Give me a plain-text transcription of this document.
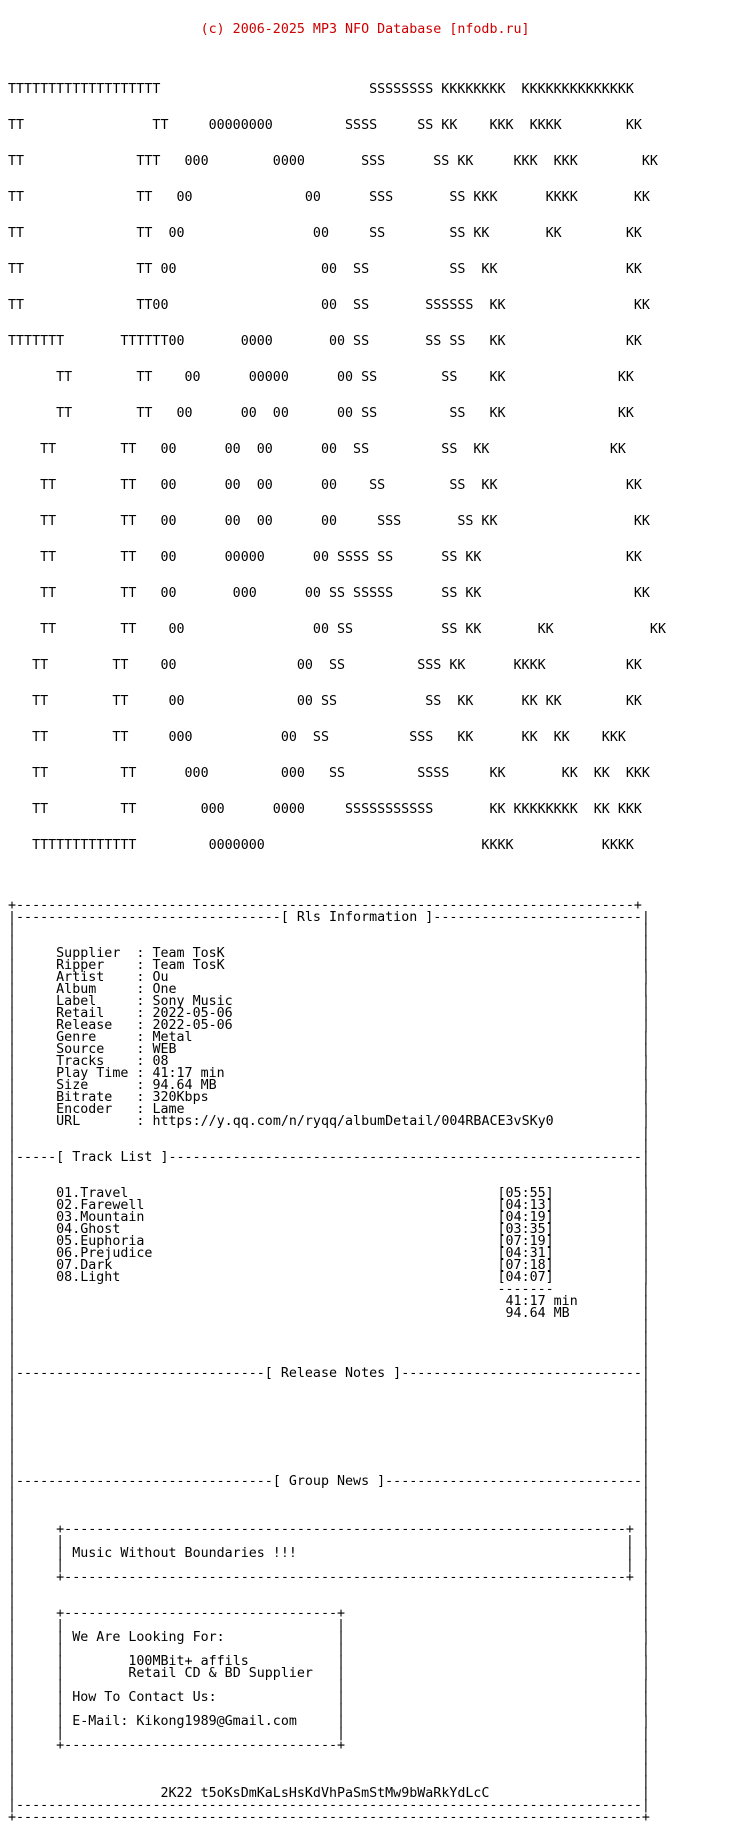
(c) 2006-2025 MP3 NFO Database [nfodb.ru]

TTTTTTTTTTTTTTTTTTT                          SSSSSSSS KKKKKKKK  KKKKKKKKKKKKKK

TT                TT     00000000         SSSS     SS KK    KKK  KKKK        KK

TT              TTT   000        0000       SSS      SS KK     KKK  KKK        KK

TT              TT   00              00      SSS       SS KKK      KKKK       KK

TT              TT  00                00     SS        SS KK       KK        KK

TT              TT 00                  00  SS          SS  KK                KK

TT              TT00                   00  SS       SSSSSS  KK                KK

TTTTTTT       TTTTTT00       0000       00 SS       SS SS   KK               KK

TT        TT    00      00000      00 SS        SS    KK              KK

TT        TT   00      00  00      00 SS         SS   KK              KK

TT        TT   00      00  00      00  SS         SS  KK               KK

TT        TT   00      00  00      00    SS        SS  KK                KK

TT        TT   00      00  00      00     SSS       SS KK                 KK

TT        TT   00      00000      00 SSSS SS      SS KK                  KK

TT        TT   00       000      00 SS SSSSS      SS KK                   KK

TT        TT    00                00 SS           SS KK       KK            KK

TT        TT    00               00  SS         SSS KK      KKKK          KK

TT        TT     00              00 SS           SS  KK      KK KK        KK

TT        TT     000           00  SS          SSS   KK      KK  KK    KKK

TT         TT      000         000   SS         SSSS     KK       KK  KK  KKK

TT         TT        000      0000     SSSSSSSSSSS       KK KKKKKKKK  KK KKK

TTTTTTTTTTTTT         0000000                           KKKK           KKKK

+-----------------------------------------------------------------------------+
|---------------------------------[ Rls Information ]--------------------------|
|                                                                              |
|                                                                              |
|	Supplier  : Team TosK                                                    |
|	Ripper    : Team TosK                                                    |
|	Artist    : Ou                                                           |
|	Album     : One                                                          |
|	Label     : Sony Music                                                   |
|	Retail    : 2022-05-06                                                   |
|	Release   : 2022-05-06                                                   |
|	Genre     : Metal                                                        |
|	Source    : WEB                                                          |
|	Tracks    : 08                                                           |
|	Play Time : 41:17 min                                                    |
|	Size      : 94.64 MB                                                     |
|	Bitrate   : 320Kbps                                                      |
|	Encoder   : Lame                                                         |
|	URL       : https://y.qq.com/n/ryqq/albumDetail/004RBACE3vSKy0           |
|                                                                              |
|                                                                              |
|-----[ Track List ]-----------------------------------------------------------|
|                                                                              |
|                                                                              |
|	01.Travel	[05:55]           |
|	02.Farewell	[04:13]           |
|	03.Mountain	[04:19]           |
|	04.Ghost	[03:35]           |
|	05.Euphoria	[07:19]           |
|	06.Prejudice	[04:31]           |
|	07.Dark	[07:18]           |
|	08.Light	[04:07]           |
|	-------           |
|	41:17 min        |
|	94.64 MB         |
|                                                                              |
|                                                                              |
|                                                                              |
|                                                                              |
|-------------------------------[ Release Notes ]------------------------------|
|                                                                              |
|                                                                              |
|                                                                              |
|                                                                              |
|                                                                              |
|                                                                              |
|                                                                              |
|                                                                              |
|--------------------------------[ Group News ]--------------------------------|
|                                                                              |
|                                                                              |
|                                                                              |
|     +----------------------------------------------------------------------+ |
|     |                                                                      | |
|     | Music Without Boundaries !!!                                         | |
|     |                                                                      | |
|     +----------------------------------------------------------------------+ |
|                                                                              |
|                                                                              |
|     +----------------------------------+                                     |
|     |                                  |                                     |
|     | We Are Looking For:              |                                     |
|     |                                  |                                     |
|     |	100MBit+ affils           |                                     |
|     |	Retail CD & BD Supplier   |                                     |
|     |                                  |                                     |
|     | How To Contact Us:               |                                     |
|     |                                  |                                     |
|     | E-Mail: Kikong1989@Gmail.com     |                                     |
|     |                                  |                                     |
|     +----------------------------------+                                     |
|                                                                              |
|                                                                              |
|                                                                              |
|	2K22 t5oKsDmKaLsHsKdVhPaSmStMw9bWaRkYdLcC                   |
|------------------------------------------------------------------------------|
+------------------------------------------------------------------------------+
